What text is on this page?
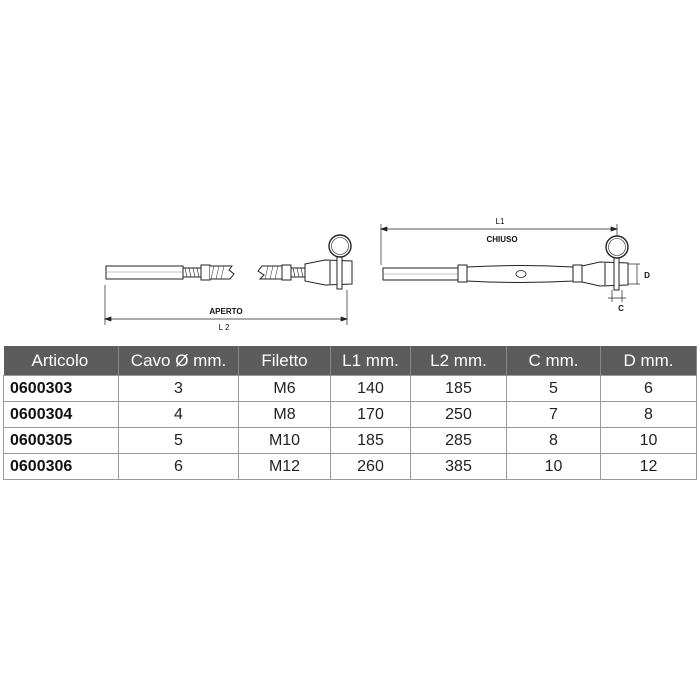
APERTO
L 2
L1
CHIUSO
D
C
Articolo	Cavo Ø mm.	Filetto	L1 mm.	L2 mm.	C mm.	D mm.
0600303	3	M6	140	185	5	6
0600304	4	M8	170	250	7	8
0600305	5	M10	185	285	8	10
0600306	6	M12	260	385	10	12
